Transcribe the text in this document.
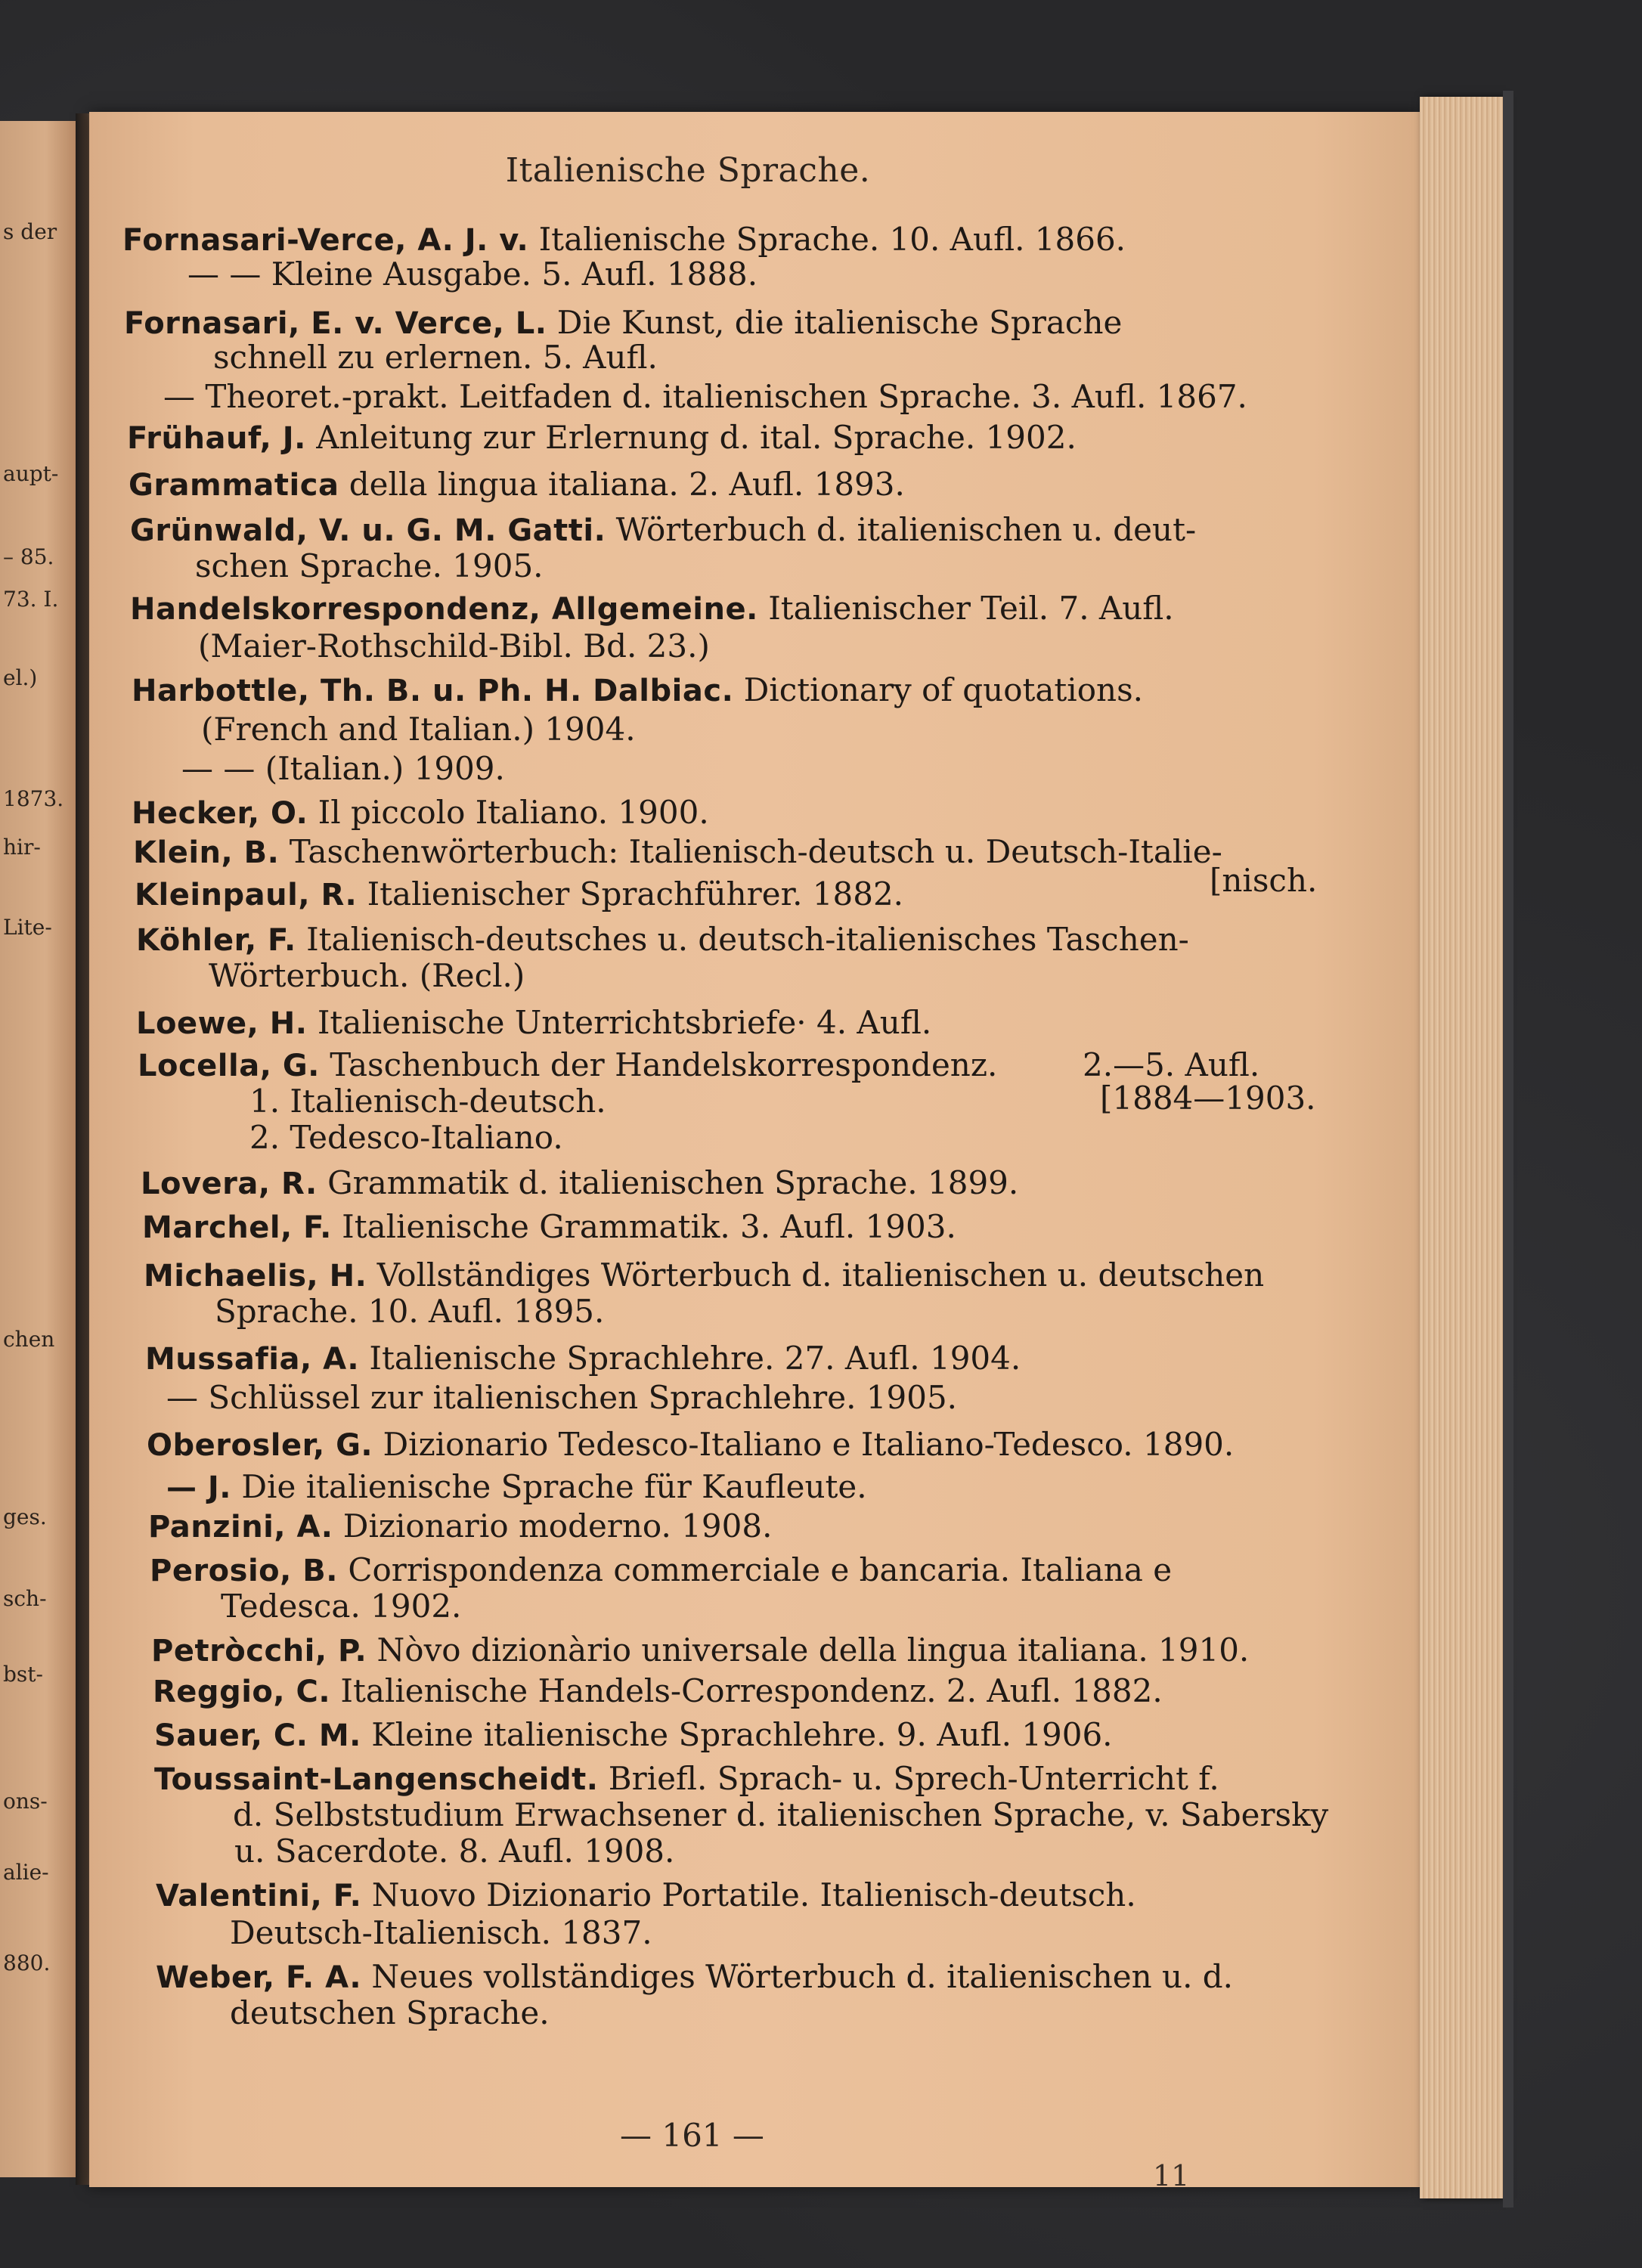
s der
aupt-
– 85.
73. I.
el.)
1873.
hir-
Lite-
chen
ges.
sch-
bst-
ons-
alie-
880.
Italienische Sprache.
Fornasari-Verce, A. J. v. Italienische Sprache. 10. Aufl. 1866.
— — Kleine Ausgabe. 5. Aufl. 1888.
Fornasari, E. v. Verce, L. Die Kunst, die italienische Sprache
schnell zu erlernen. 5. Aufl.
— Theoret.-prakt. Leitfaden d. italienischen Sprache. 3. Aufl. 1867.
Frühauf, J. Anleitung zur Erlernung d. ital. Sprache. 1902.
Grammatica della lingua italiana. 2. Aufl. 1893.
Grünwald, V. u. G. M. Gatti. Wörterbuch d. italienischen u. deut-
schen Sprache. 1905.
Handelskorrespondenz, Allgemeine. Italienischer Teil. 7. Aufl.
(Maier-Rothschild-Bibl. Bd. 23.)
Harbottle, Th. B. u. Ph. H. Dalbiac. Dictionary of quotations.
(French and Italian.) 1904.
— — (Italian.) 1909.
Hecker, O. Il piccolo Italiano. 1900.
Klein, B. Taschenwörterbuch: Italienisch-deutsch u. Deutsch-Italie-
Kleinpaul, R. Italienischer Sprachführer. 1882.
Köhler, F. Italienisch-deutsches u. deutsch-italienisches Taschen-
Wörterbuch. (Recl.)
Loewe, H. Italienische Unterrichtsbriefe· 4. Aufl.
Locella, G. Taschenbuch der Handelskorrespondenz.
1. Italienisch-deutsch.
2. Tedesco-Italiano.
Lovera, R. Grammatik d. italienischen Sprache. 1899.
Marchel, F. Italienische Grammatik. 3. Aufl. 1903.
Michaelis, H. Vollständiges Wörterbuch d. italienischen u. deutschen
Sprache. 10. Aufl. 1895.
Mussafia, A. Italienische Sprachlehre. 27. Aufl. 1904.
— Schlüssel zur italienischen Sprachlehre. 1905.
Oberosler, G. Dizionario Tedesco-Italiano e Italiano-Tedesco. 1890.
— J. Die italienische Sprache für Kaufleute.
Panzini, A. Dizionario moderno. 1908.
Perosio, B. Corrispondenza commerciale e bancaria. Italiana e
Tedesca. 1902.
Petròcchi, P. Nòvo dizionàrio universale della lingua italiana. 1910.
Reggio, C. Italienische Handels-Correspondenz. 2. Aufl. 1882.
Sauer, C. M. Kleine italienische Sprachlehre. 9. Aufl. 1906.
Toussaint-Langenscheidt. Briefl. Sprach- u. Sprech-Unterricht f.
d. Selbststudium Erwachsener d. italienischen Sprache, v. Sabersky
u. Sacerdote. 8. Aufl. 1908.
Valentini, F. Nuovo Dizionario Portatile. Italienisch-deutsch.
Deutsch-Italienisch. 1837.
Weber, F. A. Neues vollständiges Wörterbuch d. italienischen u. d.
deutschen Sprache.
[nisch.
2.—5. Aufl.
[1884—1903.
— 161 —
11
